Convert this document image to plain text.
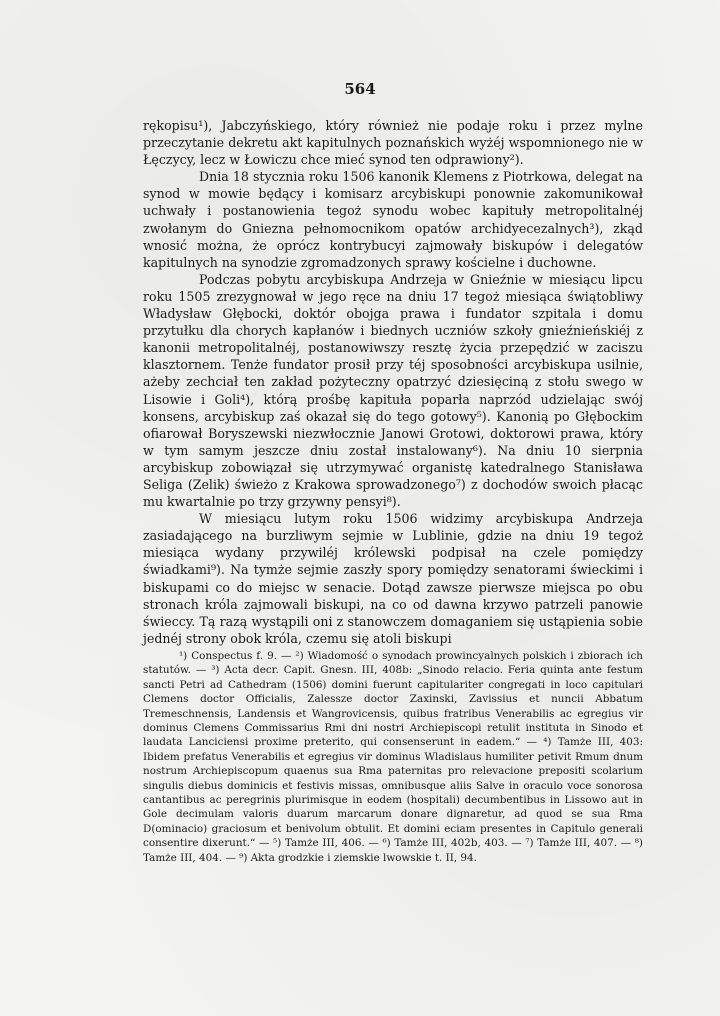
564

rękopisu¹), Jabczyńskiego, który również nie podaje roku i przez mylne przeczytanie dekretu akt kapitulnych poznańskich wyżéj wspomnionego nie w Łęczycy, lecz w Łowiczu chce mieć synod ten odprawiony²).

Dnia 18 stycznia roku 1506 kanonik Klemens z Piotrkowa, delegat na synod w mowie będący i komisarz arcybiskupi ponownie zakomunikował uchwały i postanowienia tegoż synodu wobec kapituły metropolitalnéj zwołanym do Gniezna pełnomocnikom opatów archidyecezalnych³), zkąd wnosić można, że oprócz kontrybucyi zajmowały biskupów i delegatów kapitulnych na synodzie zgromadzonych sprawy kościelne i duchowne.

Podczas pobytu arcybiskupa Andrzeja w Gnieźnie w miesiącu lipcu roku 1505 zrezygnował w jego ręce na dniu 17 tegoż miesiąca świątobliwy Władysław Głębocki, doktór obojga prawa i fundator szpitala i domu przytułku dla chorych kapłanów i biednych uczniów szkoły gnieźnieńskiéj z kanonii metropolitalnéj, postanowiwszy resztę życia przepędzić w zaciszu klasztornem. Tenże fundator prosił przy téj sposobności arcybiskupa usilnie, ażeby zechciał ten zakład pożyteczny opatrzyć dziesięciną z stołu swego w Lisowie i Goli⁴), którą prośbę kapituła poparła naprzód udzielając swój konsens, arcybiskup zaś okazał się do tego gotowy⁵). Kanonią po Głębockim ofiarował Boryszewski niezwłocznie Janowi Grotowi, doktorowi prawa, który w tym samym jeszcze dniu został instalowany⁶). Na dniu 10 sierpnia arcybiskup zobowiązał się utrzymywać organistę katedralnego Stanisława Seliga (Zelik) świeżo z Krakowa sprowadzonego⁷) z dochodów swoich płacąc mu kwartalnie po trzy grzywny pensyi⁸).

W miesiącu lutym roku 1506 widzimy arcybiskupa Andrzeja zasiadającego na burzliwym sejmie w Lublinie, gdzie na dniu 19 tegoż miesiąca wydany przywiléj królewski podpisał na czele pomiędzy świadkami⁹). Na tymże sejmie zaszły spory pomiędzy senatorami świeckimi i biskupami co do miejsc w senacie. Dotąd zawsze pierwsze miejsca po obu stronach króla zajmowali biskupi, na co od dawna krzywo patrzeli panowie świeccy. Tą razą wystąpili oni z stanowczem domaganiem się ustąpienia sobie jednéj strony obok króla, czemu się atoli biskupi

¹) Conspectus f. 9. — ²) Wiadomość o synodach prowincyalnych polskich i zbiorach ich statutów. — ³) Acta decr. Capit. Gnesn. III, 408b: „Sinodo relacio. Feria quinta ante festum sancti Petri ad Cathedram (1506) domini fuerunt capitulariter congregati in loco capitulari Clemens doctor Officialis, Zalessze doctor Zaxinski, Zavissius et nuncii Abbatum Tremeschnensis, Landensis et Wangrovicensis, quibus fratribus Venerabilis ac egregius vir dominus Clemens Commissarius Rmi dni nostri Archiepiscopi retulit instituta in Sinodo et laudata Lanciciensi proxime preterito, qui consenserunt in eadem.“ — ⁴) Tamże III, 403: Ibidem prefatus Venerabilis et egregius vir dominus Wladislaus humiliter petivit Rmum dnum nostrum Archiepiscopum quaenus sua Rma paternitas pro relevacione prepositi scolarium singulis diebus dominicis et festivis missas, omnibusque aliis Salve in oraculo voce sonorosa cantantibus ac peregrinis plurimisque in eodem (hospitali) decumbentibus in Lissowo aut in Gole decimulam valoris duarum marcarum donare dignaretur, ad quod se sua Rma D(ominacio) graciosum et benivolum obtulit. Et domini eciam presentes in Capitulo generali consentire dixerunt.“ — ⁵) Tamże III, 406. — ⁶) Tamże III, 402b, 403. — ⁷) Tamże III, 407. — ⁸) Tamże III, 404. — ⁹) Akta grodzkie i ziemskie lwowskie t. II, 94.
